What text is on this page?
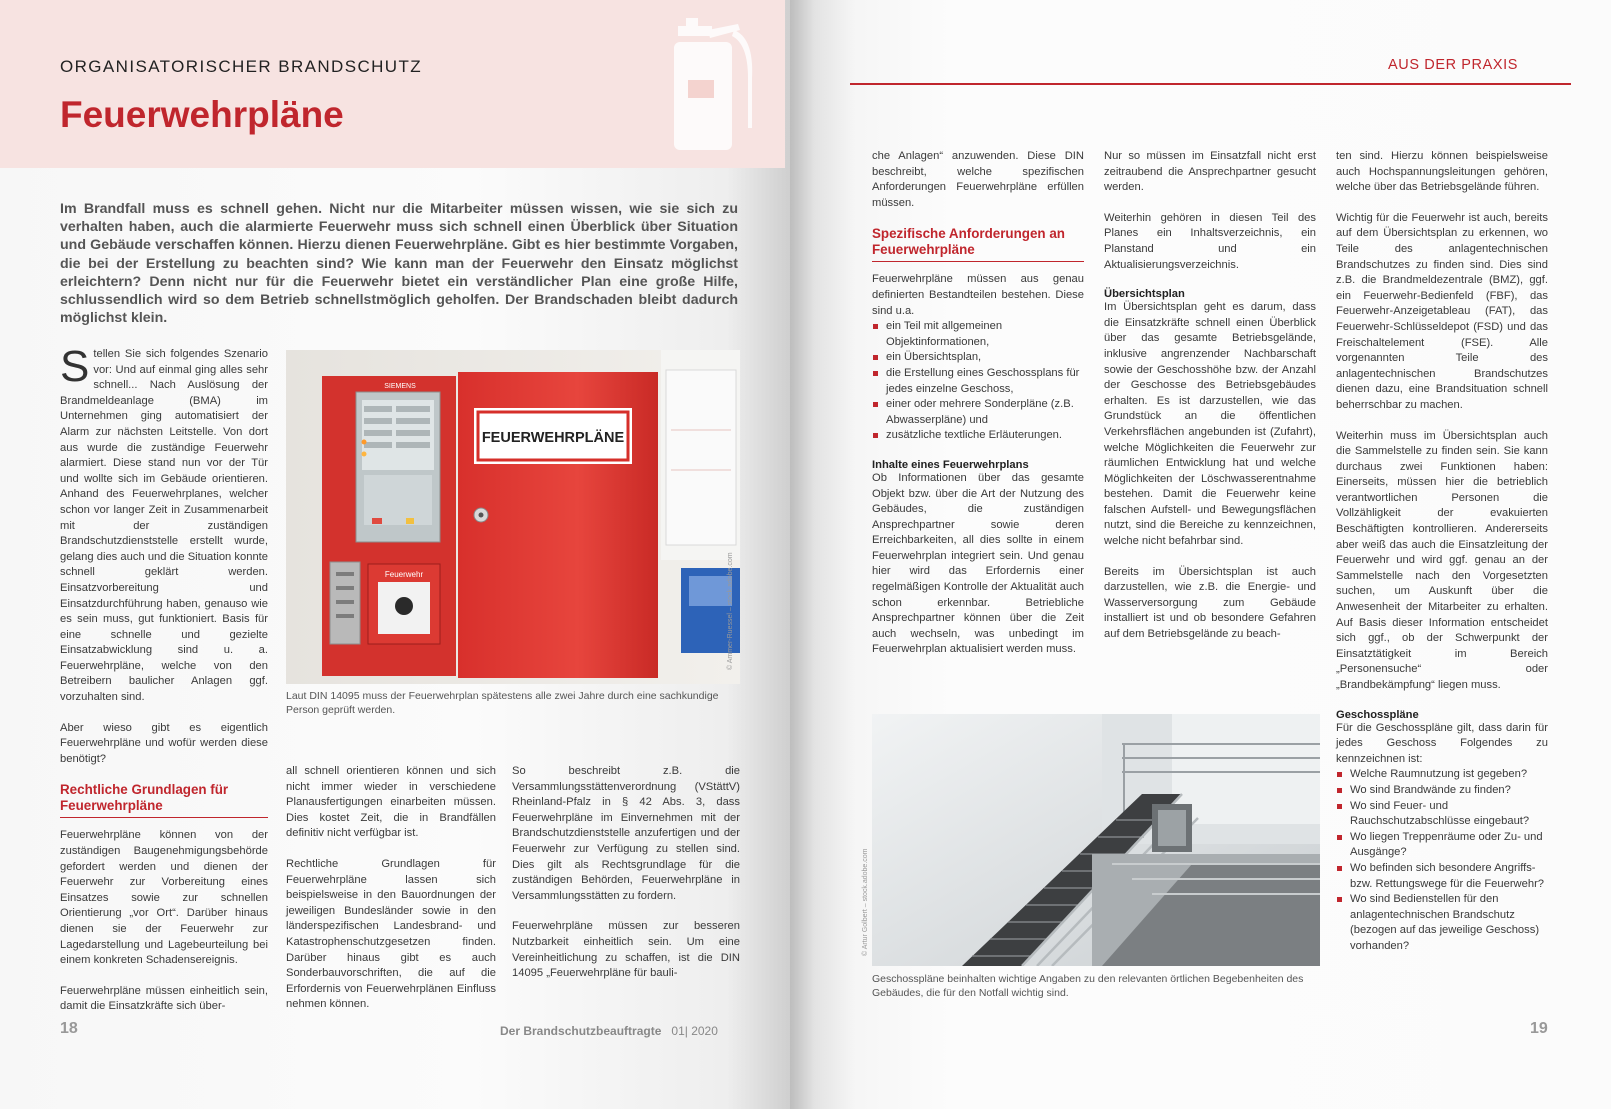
ORGANISATORISCHER BRANDSCHUTZ
Feuerwehrpläne

Im Brandfall muss es schnell gehen. Nicht nur die Mitarbeiter müssen wissen, wie sie sich zu verhalten haben, auch die alarmierte Feuerwehr muss sich schnell einen Überblick über Situation und Gebäude verschaffen können. Hierzu dienen Feuerwehrpläne. Gibt es hier bestimmte Vorgaben, die bei der Erstellung zu beachten sind? Wie kann man der Feuerwehr den Einsatz möglichst erleichtern? Denn nicht nur für die Feuerwehr bietet ein verständlicher Plan eine große Hilfe, schlussendlich wird so dem Betrieb schnellstmöglich geholfen. Der Brandschaden bleibt dadurch möglichst klein.

Stellen Sie sich folgendes Szenario vor: Und auf einmal ging alles sehr schnell... Nach Auslösung der Brandmeldeanlage (BMA) im Unternehmen ging automatisiert der Alarm zur nächsten Leitstelle. Von dort aus wurde die zuständige Feuerwehr alarmiert. Diese stand nun vor der Tür und wollte sich im Gebäude orientieren. Anhand des Feuerwehrplanes, welcher schon vor langer Zeit in Zusammenarbeit mit der zuständigen Brandschutzdienststelle erstellt wurde, gelang dies auch und die Situation konnte schnell geklärt werden. Einsatzvorbereitung und Einsatzdurchführung haben, genauso wie es sein muss, gut funktioniert. Basis für eine schnelle und gezielte Einsatzabwicklung sind u. a. Feuerwehrpläne, welche von den Betreibern baulicher Anlagen ggf. vorzuhalten sind.

Aber wieso gibt es eigentlich Feuerwehrpläne und wofür werden diese benötigt?

Rechtliche Grundlagen für Feuerwehrpläne

Feuerwehrpläne können von der zuständigen Baugenehmigungsbehörde gefordert werden und dienen der Feuerwehr zur Vorbereitung eines Einsatzes sowie zur schnellen Orientierung „vor Ort“. Darüber hinaus dienen sie der Feuerwehr zur Lagedarstellung und Lagebeurteilung bei einem konkreten Schadensereignis.

Feuerwehrpläne müssen einheitlich sein, damit die Einsatzkräfte sich über-

SIEMENS
Feuerwehr
FEUERWEHRPLÄNE
© Ammer-Ruessel – stock.adobe.com

Laut DIN 14095 muss der Feuerwehrplan spätestens alle zwei Jahre durch eine sachkundige Person geprüft werden.

all schnell orientieren können und sich nicht immer wieder in verschiedene Planausfertigungen einarbeiten müssen. Dies kostet Zeit, die in Brandfällen definitiv nicht verfügbar ist.

Rechtliche Grundlagen für Feuerwehrpläne lassen sich beispielsweise in den Bauordnungen der jeweiligen Bundesländer sowie in den länderspezifischen Landesbrand- und Katastrophenschutzgesetzen finden. Darüber hinaus gibt es auch Sonderbauvorschriften, die auf die Erfordernis von Feuerwehrplänen Einfluss nehmen können.

So beschreibt z.B. die Versammlungsstättenverordnung (VStättV) Rheinland-Pfalz in § 42 Abs. 3, dass Feuerwehrpläne im Einvernehmen mit der Brandschutzdienststelle anzufertigen und der Feuerwehr zur Verfügung zu stellen sind. Dies gilt als Rechtsgrundlage für die zuständigen Behörden, Feuerwehrpläne in Versammlungsstätten zu fordern.

Feuerwehrpläne müssen zur besseren Nutzbarkeit einheitlich sein. Um eine Vereinheitlichung zu schaffen, ist die DIN 14095 „Feuerwehrpläne für bauli-

18	Der Brandschutzbeauftragte 01| 2020
AUS DER PRAXIS

che Anlagen“ anzuwenden. Diese DIN beschreibt, welche spezifischen Anforderungen Feuerwehrpläne erfüllen müssen.

Spezifische Anforderungen an Feuerwehrpläne

Feuerwehrpläne müssen aus genau definierten Bestandteilen bestehen. Diese sind u.a.

ein Teil mit allgemeinen Objektinformationen,
ein Übersichtsplan,
die Erstellung eines Geschossplans für jedes einzelne Geschoss,
einer oder mehrere Sonderpläne (z.B. Abwasserpläne) und
zusätzliche textliche Erläuterungen.

Inhalte eines Feuerwehrplans

Ob Informationen über das gesamte Objekt bzw. über die Art der Nutzung des Gebäudes, die zuständigen Ansprechpartner sowie deren Erreichbarkeiten, all dies sollte in einem Feuerwehrplan integriert sein. Und genau hier wird das Erfordernis einer regelmäßigen Kontrolle der Aktualität auch schon erkennbar. Betriebliche Ansprechpartner können über die Zeit auch wechseln, was unbedingt im Feuerwehrplan aktualisiert werden muss.

Nur so müssen im Einsatzfall nicht erst zeitraubend die Ansprechpartner gesucht werden.

Weiterhin gehören in diesen Teil des Planes ein Inhaltsverzeichnis, ein Planstand und ein Aktualisierungsverzeichnis.

Übersichtsplan

Im Übersichtsplan geht es darum, dass die Einsatzkräfte schnell einen Überblick über das gesamte Betriebsgelände, inklusive angrenzender Nachbarschaft sowie der Geschosshöhe bzw. der Anzahl der Geschosse des Betriebsgebäudes erhalten. Es ist darzustellen, wie das Grundstück an die öffentlichen Verkehrsflächen angebunden ist (Zufahrt), welche Möglichkeiten die Feuerwehr zur räumlichen Entwicklung hat und welche Möglichkeiten der Löschwasserentnahme bestehen. Damit die Feuerwehr keine falschen Aufstell- und Bewegungsflächen nutzt, sind die Bereiche zu kennzeichnen, welche nicht befahrbar sind.

Bereits im Übersichtsplan ist auch darzustellen, wie z.B. die Energie- und Wasserversorgung zum Gebäude installiert ist und ob besondere Gefahren auf dem Betriebsgelände zu beach-

ten sind. Hierzu können beispielsweise auch Hochspannungsleitungen gehören, welche über das Betriebsgelände führen.

Wichtig für die Feuerwehr ist auch, bereits auf dem Übersichtsplan zu erkennen, wo Teile des anlagentechnischen Brandschutzes zu finden sind. Dies sind z.B. die Brandmeldezentrale (BMZ), ggf. ein Feuerwehr-Bedienfeld (FBF), das Feuerwehr-Anzeigetableau (FAT), das Feuerwehr-Schlüsseldepot (FSD) und das Freischaltelement (FSE). Alle vorgenannten Teile des anlagentechnischen Brandschutzes dienen dazu, eine Brandsituation schnell beherrschbar zu machen.

Weiterhin muss im Übersichtsplan auch die Sammelstelle zu finden sein. Sie kann durchaus zwei Funktionen haben: Einerseits, müssen hier die betrieblich verantwortlichen Personen die Vollzähligkeit der evakuierten Beschäftigten kontrollieren. Andererseits aber weiß das auch die Einsatzleitung der Feuerwehr und wird ggf. genau an der Sammelstelle nach den Vorgesetzten suchen, um Auskunft über die Anwesenheit der Mitarbeiter zu erhalten. Auf Basis dieser Information entscheidet sich ggf., ob der Schwerpunkt der Einsatztätigkeit im Bereich „Personensuche“ oder „Brandbekämpfung“ liegen muss.

Geschosspläne

Für die Geschosspläne gilt, dass darin für jedes Geschoss Folgendes zu kennzeichnen ist:

Welche Raumnutzung ist gegeben?
Wo sind Brandwände zu finden?
Wo sind Feuer- und Rauchschutzabschlüsse eingebaut?
Wo liegen Treppenräume oder Zu- und Ausgänge?
Wo befinden sich besondere Angriffs- bzw. Rettungswege für die Feuerwehr?
Wo sind Bedienstellen für den anlagentechnischen Brandschutz (bezogen auf das jeweilige Geschoss) vorhanden?
© Artur Golbert – stock.adobe.com

Geschosspläne beinhalten wichtige Angaben zu den relevanten örtlichen Begebenheiten des Gebäudes, die für den Notfall wichtig sind.

19
